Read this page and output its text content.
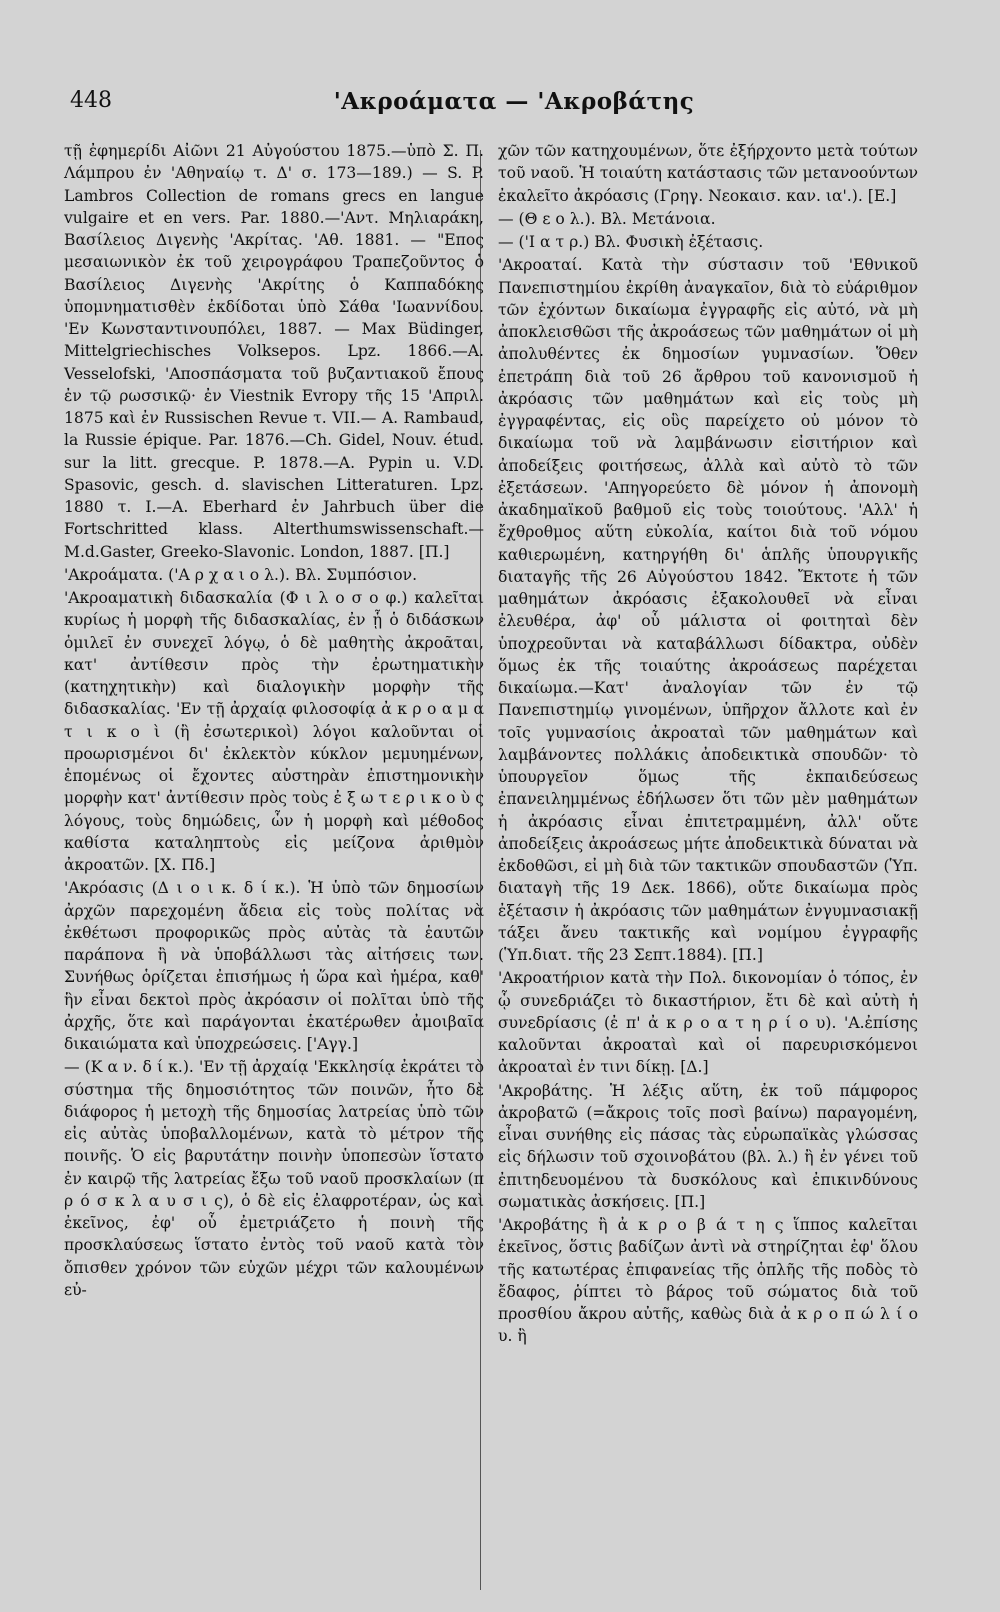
448	'Ακροάματα — 'Ακροβάτης

τῇ ἐφημερίδι Αἰῶνι 21 Αὐγούστου 1875.—ὑπὸ Σ. Π. Λάμπρου ἐν 'Αθηναίῳ τ. Δ' σ. 173—189.) — S. P. Lambros Collection de romans grecs en langue vulgaire et en vers. Par. 1880.—'Αντ. Μηλιαράκη, Βασίλειος Διγενὴς 'Ακρίτας. 'Αθ. 1881. — "Επος μεσαιωνικὸν ἐκ τοῦ χειρογράφου Τραπεζοῦντος ὁ Βασίλειος Διγενὴς 'Ακρίτης ὁ Καππαδόκης ὑπομνηματισθὲν ἐκδίδοται ὑπὸ Σάθα 'Ιωαννίδου. 'Εν Κωνσταντινουπόλει, 1887. — Max Büdinger, Mittelgriechisches Volksepos. Lpz. 1866.—A. Vesselofski, 'Αποσπάσματα τοῦ βυζαντιακοῦ ἔπους ἐν τῷ ρωσσικῷ· ἐν Viestnik Evropy τῆς 15 'Απριλ. 1875 καὶ ἐν Russischen Revue τ. VII.— A. Rambaud, la Russie épique. Par. 1876.—Ch. Gidel, Nouv. étud. sur la litt. grecque. P. 1878.—A. Pypin u. V.D. Spasovic, gesch. d. slavischen Litteraturen. Lpz. 1880 τ. I.—A. Eberhard ἐν Jahrbuch über die Fortschritted klass. Alterthumswissenschaft.—M.d.Gaster, Greeko-Slavonic. London, 1887. [Π.]

'Ακροάματα. ('Α ρ χ α ι ο λ.). Βλ. Συμπόσιον.

'Ακροαματικὴ διδασκαλία (Φ ι λ ο σ ο φ.) καλεῖται κυρίως ἡ μορφὴ τῆς διδασκαλίας, ἐν ᾗ ὁ διδάσκων ὁμιλεῖ ἐν συνεχεῖ λόγῳ, ὁ δὲ μαθητὴς ἀκροᾶται, κατ' ἀντίθεσιν πρὸς τὴν ἐρωτηματικὴν (κατηχητικὴν) καὶ διαλογικὴν μορφὴν τῆς διδασκαλίας. 'Εν τῇ ἀρχαίᾳ φιλοσοφίᾳ ἀ κ ρ ο α μ α τ ι κ ο ὶ (ἢ ἐσωτερικοὶ) λόγοι καλοῦνται οἱ προωρισμένοι δι' ἐκλεκτὸν κύκλον μεμυημένων, ἑπομένως οἱ ἔχοντες αὐστηρὰν ἐπιστημονικὴν μορφὴν κατ' ἀντίθεσιν πρὸς τοὺς ἐ ξ ω τ ε ρ ι κ ο ὺ ς λόγους, τοὺς δημώδεις, ὧν ἡ μορφὴ καὶ μέθοδος καθίστα καταληπτοὺς εἰς μείζονα ἀριθμὸν ἀκροατῶν. [Χ. Πδ.]

'Ακρόασις (Δ ι ο ι κ. δ ί κ.). Ἡ ὑπὸ τῶν δημοσίων ἀρχῶν παρεχομένη ἄδεια εἰς τοὺς πολίτας νὰ ἐκθέτωσι προφορικῶς πρὸς αὐτὰς τὰ ἑαυτῶν παράπονα ἢ νὰ ὑποβάλλωσι τὰς αἰτήσεις των. Συνήθως ὁρίζεται ἐπισήμως ἡ ὥρα καὶ ἡμέρα, καθ' ἣν εἶναι δεκτοὶ πρὸς ἀκρόασιν οἱ πολῖται ὑπὸ τῆς ἀρχῆς, ὅτε καὶ παράγονται ἑκατέρωθεν ἀμοιβαῖα δικαιώματα καὶ ὑποχρεώσεις. ['Αγγ.]

— (Κ α ν. δ ί κ.). 'Εν τῇ ἀρχαίᾳ 'Εκκλησίᾳ ἐκράτει τὸ σύστημα τῆς δημοσιότητος τῶν ποινῶν, ἦτο δὲ διάφορος ἡ μετοχὴ τῆς δημοσίας λατρείας ὑπὸ τῶν εἰς αὐτὰς ὑποβαλλομένων, κατὰ τὸ μέτρον τῆς ποινῆς. Ὁ εἰς βαρυτάτην ποινὴν ὑποπεσὼν ἵστατο ἐν καιρῷ τῆς λατρείας ἔξω τοῦ ναοῦ προσκλαίων (π ρ ό σ κ λ α υ σ ι ς), ὁ δὲ εἰς ἐλαφροτέραν, ὡς καὶ ἐκεῖνος, ἐφ' οὗ ἐμετριάζετο ἡ ποινὴ τῆς προσκλαύσεως ἵστατο ἐντὸς τοῦ ναοῦ κατὰ τὸν ὄπισθεν χρόνον τῶν εὐχῶν μέχρι τῶν καλουμένων εὐ-

χῶν τῶν κατηχουμένων, ὅτε ἐξήρχοντο μετὰ τούτων τοῦ ναοῦ. Ἡ τοιαύτη κατάστασις τῶν μετανοούντων ἐκαλεῖτο ἀκρόασις (Γρηγ. Νεοκαισ. καν. ια'.). [Ε.]

— (Θ ε ο λ.). Βλ. Μετάνοια.

— ('Ι α τ ρ.) Βλ. Φυσικὴ ἐξέτασις.

'Ακροαταί. Κατὰ τὴν σύστασιν τοῦ 'Εθνικοῦ Πανεπιστημίου ἐκρίθη ἀναγκαῖον, διὰ τὸ εὐάριθμον τῶν ἐχόντων δικαίωμα ἐγγραφῆς εἰς αὐτό, νὰ μὴ ἀποκλεισθῶσι τῆς ἀκροάσεως τῶν μαθημάτων οἱ μὴ ἀπολυθέντες ἐκ δημοσίων γυμνασίων. Ὅθεν ἐπετράπη διὰ τοῦ 26 ἄρθρου τοῦ κανονισμοῦ ἡ ἀκρόασις τῶν μαθημάτων καὶ εἰς τοὺς μὴ ἐγγραφέντας, εἰς οὓς παρείχετο οὐ μόνον τὸ δικαίωμα τοῦ νὰ λαμβάνωσιν εἰσιτήριον καὶ ἀποδείξεις φοιτήσεως, ἀλλὰ καὶ αὐτὸ τὸ τῶν ἐξετάσεων. 'Απηγορεύετο δὲ μόνον ἡ ἀπονομὴ ἀκαδημαϊκοῦ βαθμοῦ εἰς τοὺς τοιούτους. 'Αλλ' ἡ ἔχθροθμος αὕτη εὐκολία, καίτοι διὰ τοῦ νόμου καθιερωμένη, κατηργήθη δι' ἁπλῆς ὑπουργικῆς διαταγῆς τῆς 26 Αὐγούστου 1842. Ἔκτοτε ἡ τῶν μαθημάτων ἀκρόασις ἐξακολουθεῖ νὰ εἶναι ἐλευθέρα, ἀφ' οὗ μάλιστα οἱ φοιτηταὶ δὲν ὑποχρεοῦνται νὰ καταβάλλωσι δίδακτρα, οὐδὲν ὅμως ἐκ τῆς τοιαύτης ἀκροάσεως παρέχεται δικαίωμα.—Κατ' ἀναλογίαν τῶν ἐν τῷ Πανεπιστημίῳ γινομένων, ὑπῆρχον ἄλλοτε καὶ ἐν τοῖς γυμνασίοις ἀκροαταὶ τῶν μαθημάτων καὶ λαμβάνοντες πολλάκις ἀποδεικτικὰ σπουδῶν· τὸ ὑπουργεῖον ὅμως τῆς ἐκπαιδεύσεως ἐπανειλημμένως ἐδήλωσεν ὅτι τῶν μὲν μαθημάτων ἡ ἀκρόασις εἶναι ἐπιτετραμμένη, ἀλλ' οὔτε ἀποδείξεις ἀκροάσεως μήτε ἀποδεικτικὰ δύναται νὰ ἐκδοθῶσι, εἰ μὴ διὰ τῶν τακτικῶν σπουδαστῶν (Ὑπ. διαταγὴ τῆς 19 Δεκ. 1866), οὔτε δικαίωμα πρὸς ἐξέτασιν ἡ ἀκρόασις τῶν μαθημάτων ἐνγυμνασιακῇ τάξει ἄνευ τακτικῆς καὶ νομίμου ἐγγραφῆς (Ὑπ.διατ. τῆς 23 Σεπτ.1884). [Π.]

'Ακροατήριον κατὰ τὴν Πολ. δικονομίαν ὁ τόπος, ἐν ᾧ συνεδριάζει τὸ δικαστήριον, ἔτι δὲ καὶ αὐτὴ ἡ συνεδρίασις (ἐ π' ἀ κ ρ ο α τ η ρ ί ο υ). 'Α.ἐπίσης καλοῦνται ἀκροαταὶ καὶ οἱ παρευρισκόμενοι ἀκροαταὶ ἐν τινι δίκῃ. [Δ.]

'Ακροβάτης. Ἡ λέξις αὕτη, ἐκ τοῦ πάμφορος ἀκροβατῶ (=ἄκροις τοῖς ποσὶ βαίνω) παραγομένη, εἶναι συνήθης εἰς πάσας τὰς εὐρωπαϊκὰς γλώσσας εἰς δήλωσιν τοῦ σχοινοβάτου (βλ. λ.) ἢ ἐν γένει τοῦ ἐπιτηδευομένου τὰ δυσκόλους καὶ ἐπικινδύνους σωματικὰς ἀσκήσεις. [Π.]

'Ακροβάτης ἢ ἀ κ ρ ο β ά τ η ς ἵππος καλεῖται ἐκεῖνος, ὅστις βαδίζων ἀντὶ νὰ στηρίζηται ἐφ' ὅλου τῆς κατωτέρας ἐπιφανείας τῆς ὁπλῆς τῆς ποδὸς τὸ ἔδαφος, ῥίπτει τὸ βάρος τοῦ σώματος διὰ τοῦ προσθίου ἄκρου αὐτῆς, καθὼς διὰ ἀ κ ρ ο π ώ λ ί ο υ. ἢ
